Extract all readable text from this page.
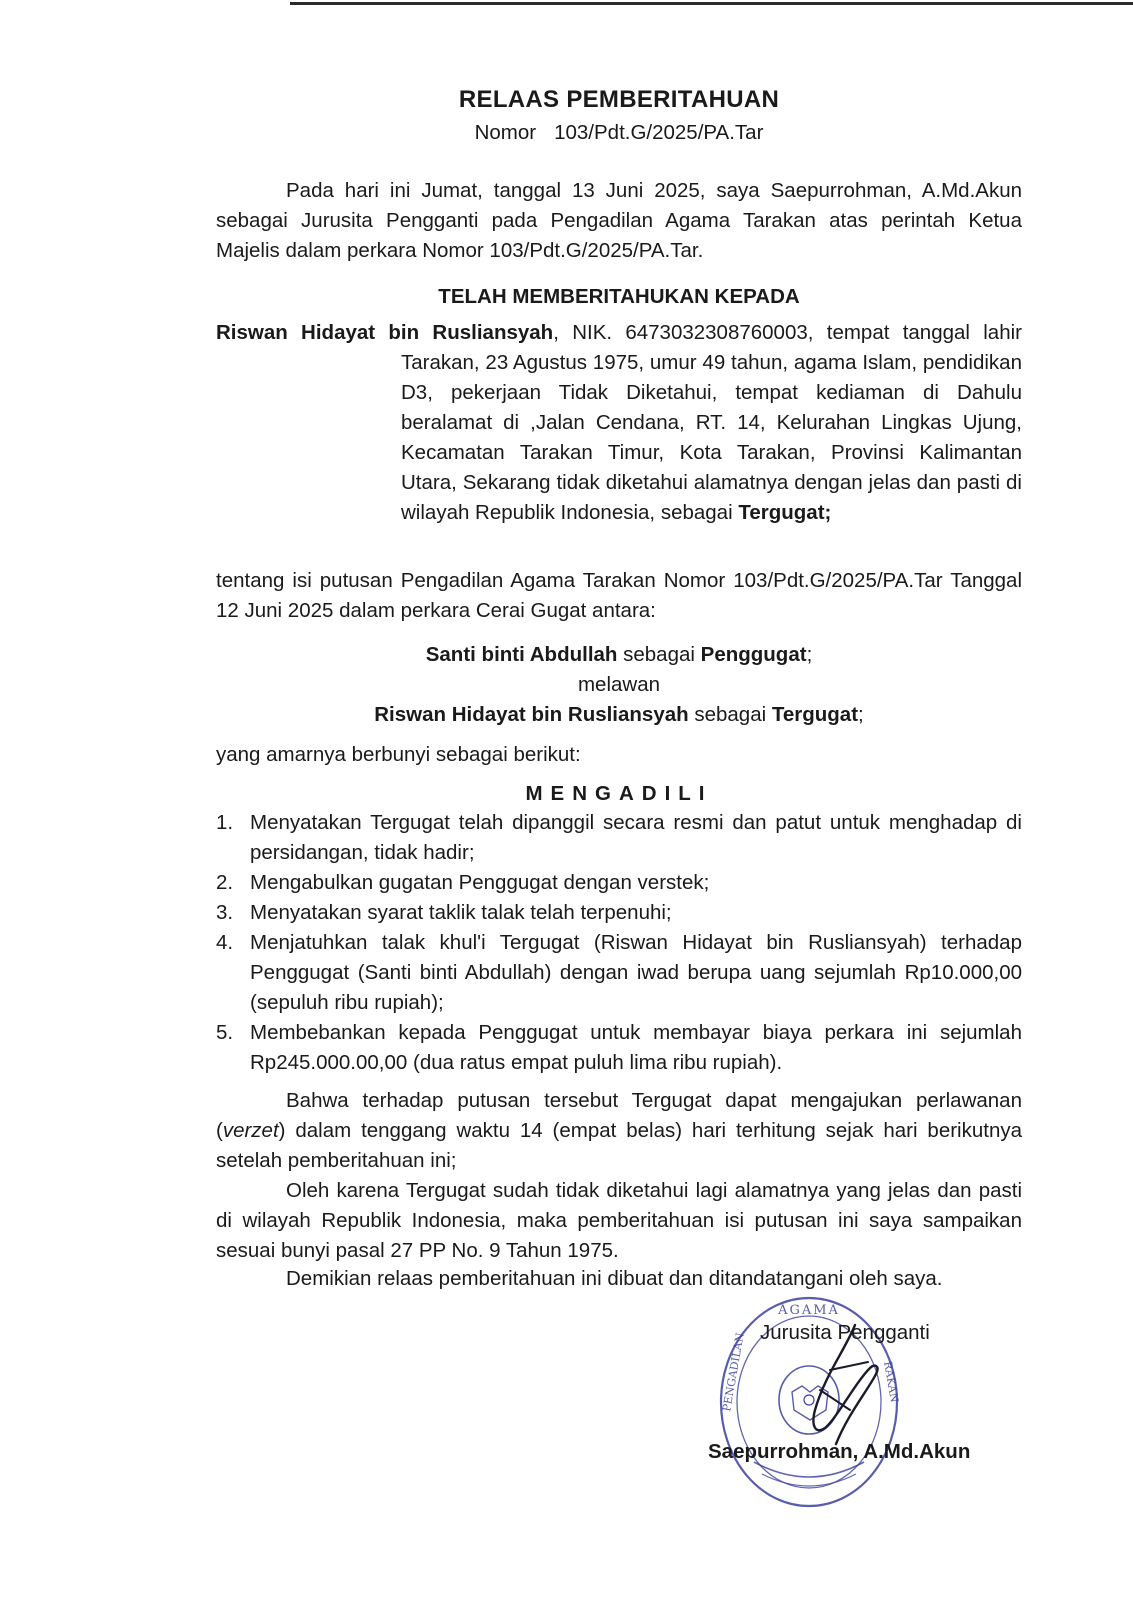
RELAAS PEMBERITAHUAN
Nomor 103/Pdt.G/2025/PA.Tar
Pada hari ini Jumat, tanggal 13 Juni 2025, saya Saepurrohman, A.Md.Akun sebagai Jurusita Pengganti pada Pengadilan Agama Tarakan atas perintah Ketua Majelis dalam perkara Nomor 103/Pdt.G/2025/PA.Tar.
TELAH MEMBERITAHUKAN KEPADA
Riswan Hidayat bin Rusliansyah, NIK. 6473032308760003, tempat tanggal lahir Tarakan, 23 Agustus 1975, umur 49 tahun, agama Islam, pendidikan D3, pekerjaan Tidak Diketahui, tempat kediaman di Dahulu beralamat di ,Jalan Cendana, RT. 14, Kelurahan Lingkas Ujung, Kecamatan Tarakan Timur, Kota Tarakan, Provinsi Kalimantan Utara, Sekarang tidak diketahui alamatnya dengan jelas dan pasti di wilayah Republik Indonesia, sebagai Tergugat;
tentang isi putusan Pengadilan Agama Tarakan Nomor 103/Pdt.G/2025/PA.Tar Tanggal 12 Juni 2025 dalam perkara Cerai Gugat antara:
Santi binti Abdullah sebagai Penggugat;
melawan
Riswan Hidayat bin Rusliansyah sebagai Tergugat;
yang amarnya berbunyi sebagai berikut:
MENGADILI
1. Menyatakan Tergugat telah dipanggil secara resmi dan patut untuk menghadap di persidangan, tidak hadir;
2. Mengabulkan gugatan Penggugat dengan verstek;
3. Menyatakan syarat taklik talak telah terpenuhi;
4. Menjatuhkan talak khul'i Tergugat (Riswan Hidayat bin Rusliansyah) terhadap Penggugat (Santi binti Abdullah) dengan iwad berupa uang sejumlah Rp10.000,00 (sepuluh ribu rupiah);
5. Membebankan kepada Penggugat untuk membayar biaya perkara ini sejumlah Rp245.000.00,00 (dua ratus empat puluh lima ribu rupiah).
Bahwa terhadap putusan tersebut Tergugat dapat mengajukan perlawanan (verzet) dalam tenggang waktu 14 (empat belas) hari terhitung sejak hari berikutnya setelah pemberitahuan ini;
Oleh karena Tergugat sudah tidak diketahui lagi alamatnya yang jelas dan pasti di wilayah Republik Indonesia, maka pemberitahuan isi putusan ini saya sampaikan sesuai bunyi pasal 27 PP No. 9 Tahun 1975.
Demikian relaas pemberitahuan ini dibuat dan ditandatangani oleh saya.
AGAMA
PENGADILAN	RAKAN
Jurusita Pengganti
Saepurrohman, A.Md.Akun
